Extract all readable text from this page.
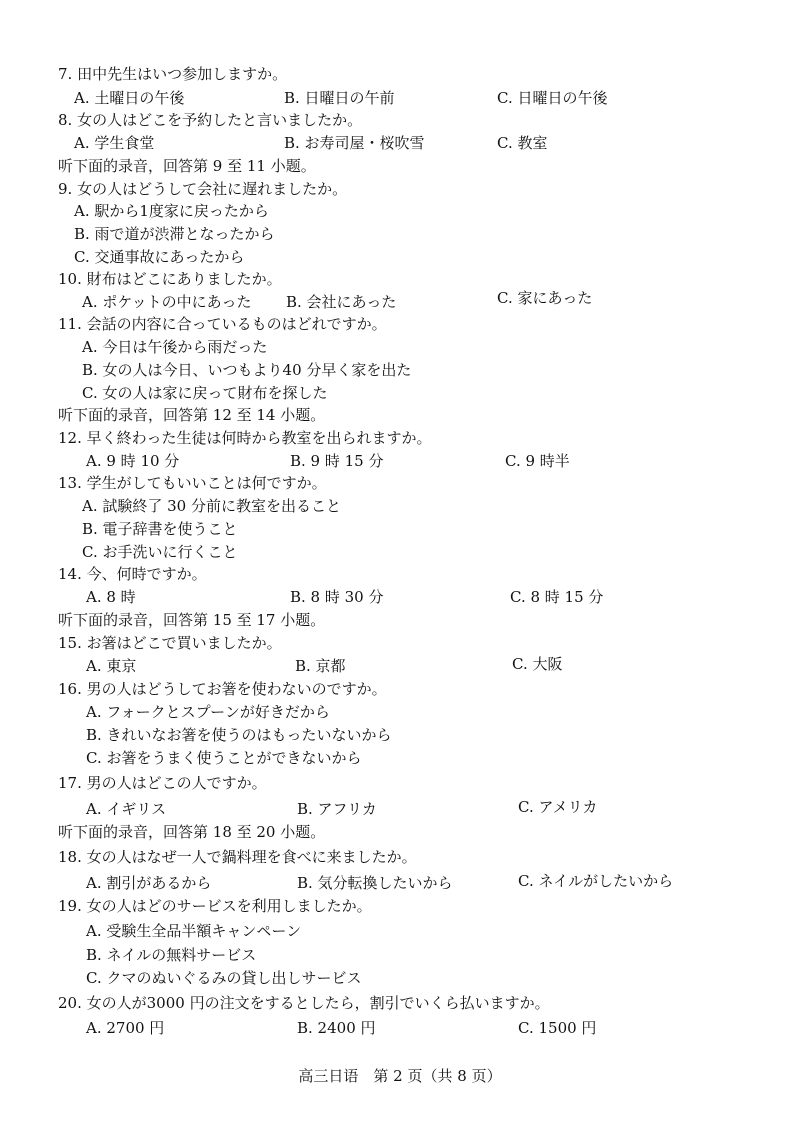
7. 田中先生はいつ参加しますか。
A. 土曜日の午後	B. 日曜日の午前	C. 日曜日の午後
8. 女の人はどこを予約したと言いましたか。
A. 学生食堂	B. お寿司屋・桜吹雪	C. 教室
听下面的录音，回答第 9 至 11 小题。
9. 女の人はどうして会社に遅れましたか。
A. 駅から1度家に戻ったから
B. 雨で道が渋滞となったから
C. 交通事故にあったから
10. 財布はどこにありましたか。
A. ポケットの中にあった B. 会社にあった	C. 家にあった
11. 会話の内容に合っているものはどれですか。
A. 今日は午後から雨だった
B. 女の人は今日、いつもより40 分早く家を出た
C. 女の人は家に戻って財布を探した
听下面的录音，回答第 12 至 14 小题。
12. 早く終わった生徒は何時から教室を出られますか。
A. 9 時 10 分	B. 9 時 15 分	C. 9 時半
13. 学生がしてもいいことは何ですか。
A. 試験終了 30 分前に教室を出ること
B. 電子辞書を使うこと
C. お手洗いに行くこと
14. 今、何時ですか。
A. 8 時	B. 8 時 30 分	C. 8 時 15 分
听下面的录音，回答第 15 至 17 小题。
15. お箸はどこで買いましたか。
A. 東京	B. 京都	C. 大阪
16. 男の人はどうしてお箸を使わないのですか。
A. フォークとスプーンが好きだから
B. きれいなお箸を使うのはもったいないから
C. お箸をうまく使うことができないから
17. 男の人はどこの人ですか。
A. イギリス	B. アフリカ	C. アメリカ
听下面的录音，回答第 18 至 20 小题。
18. 女の人はなぜ一人で鍋料理を食べに来ましたか。
A. 割引があるから	B. 気分転換したいから	C. ネイルがしたいから
19. 女の人はどのサービスを利用しましたか。
A. 受験生全品半額キャンペーン
B. ネイルの無料サービス
C. クマのぬいぐるみの貸し出しサービス
20. 女の人が3000 円の注文をするとしたら，割引でいくら払いますか。
A. 2700 円	B. 2400 円	C. 1500 円
高三日语　第 2 页（共 8 页）
